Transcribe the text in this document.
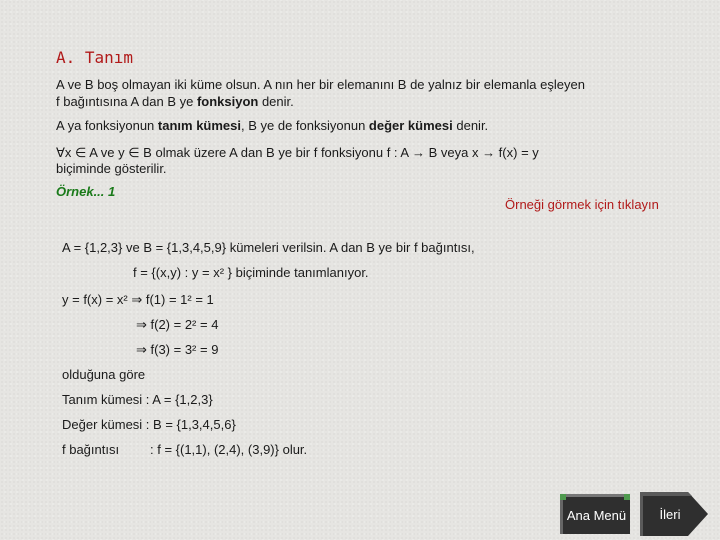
A. Tanım
A ve B boş olmayan iki küme olsun. A nın her bir elemanını B de yalnız bir elemanla eşleyen
f bağıntısına A dan B ye fonksiyon denir.
A ya fonksiyonun tanım kümesi, B ye de fonksiyonun değer kümesi denir.
∀x ∈ A ve y ∈ B olmak üzere A dan B ye bir f fonksiyonu f : A → B veya x → f(x) = y
biçiminde gösterilir.
Örnek... 1
Örneği görmek için tıklayın
A = {1,2,3} ve B = {1,3,4,5,9} kümeleri verilsin. A dan B ye bir f bağıntısı,
f = {(x,y) : y = x² } biçiminde tanımlanıyor.
y = f(x) = x² ⇒ f(1) = 1² = 1
⇒ f(2) = 2² = 4
⇒ f(3) = 3² = 9
olduğuna göre
Tanım kümesi : A = {1,2,3}
Değer kümesi : B = {1,3,4,5,6}
f bağıntısı : f = {(1,1), (2,4), (3,9)} olur.
Ana Menü	İleri
